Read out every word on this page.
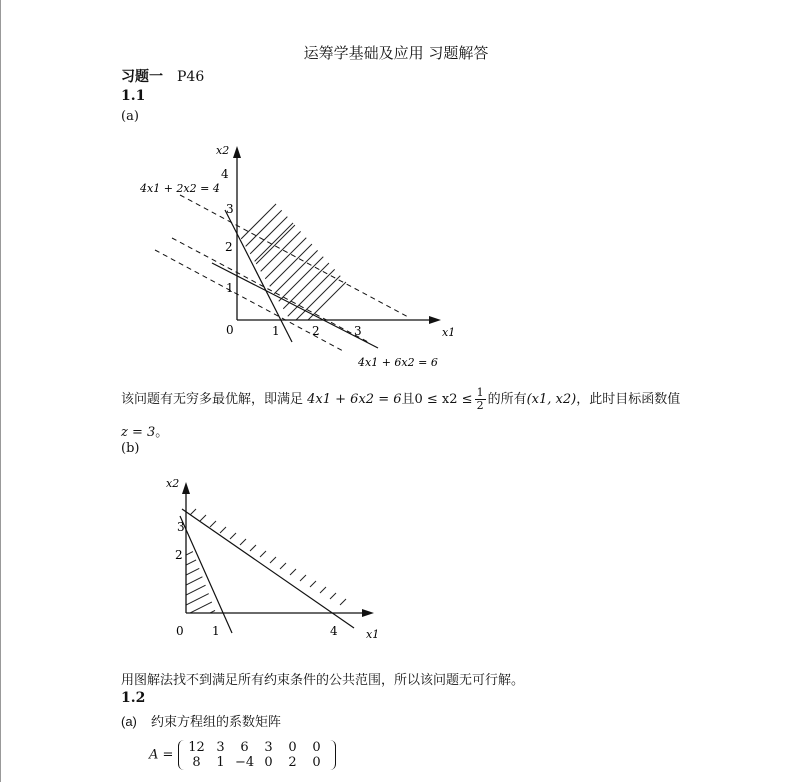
运筹学基础及应用 习题解答
习题一 P46
1.1
(a)
x2
x1
0
1
2
3
4
1	2	3
4x1 + 2x2 = 4
4x1 + 6x2 = 6
该问题有无穷多最优解，即满足 4x1 + 6x2 = 6且$0 \le x2 \le \frac{1}{2}$ 的所有(x1, x2)，此时目标函数值
z = 3。
(b)
x2
x1
0
2
3
1	4
用图解法找不到满足所有约束条件的公共范围，所以该问题无可行解。
1.2
(a) 约束方程组的系数矩阵
A = 12 3 6 3 0 0
8 1 −4 0 2 0
